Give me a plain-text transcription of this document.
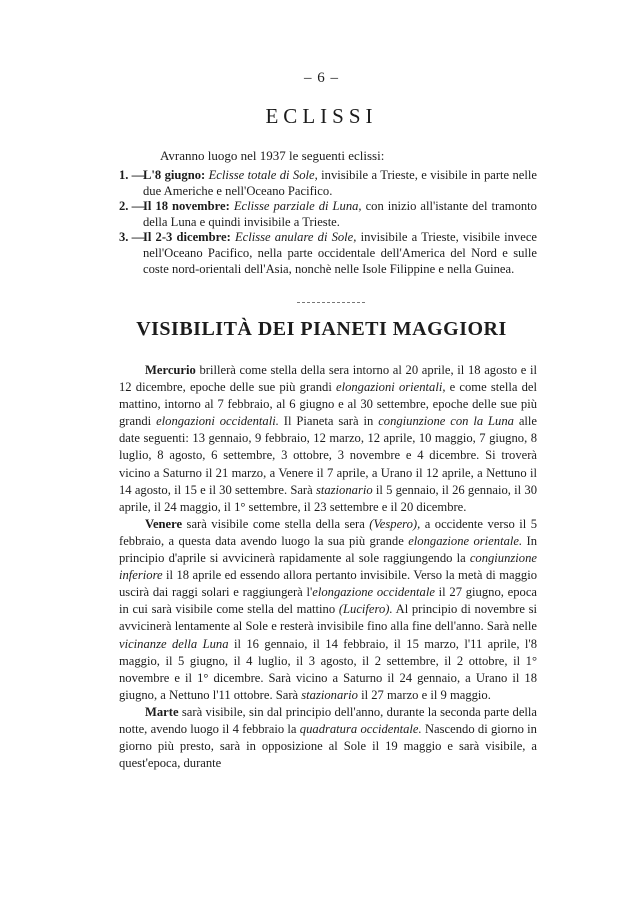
– 6 –
ECLISSI
Avranno luogo nel 1937 le seguenti eclissi:
1. —
L'8 giugno: Eclisse totale di Sole, invisibile a Trieste, e visibile in parte nelle due Americhe e nell'Oceano Pacifico.
2. —
Il 18 novembre: Eclisse parziale di Luna, con inizio all'istante del tramonto della Luna e quindi invisibile a Trieste.
3. —
Il 2-3 dicembre: Eclisse anulare di Sole, invisibile a Trieste, visibile invece nell'Oceano Pacifico, nella parte occidentale dell'America del Nord e sulle coste nord-orientali dell'Asia, nonchè nelle Isole Filippine e nella Guinea.
VISIBILITÀ DEI PIANETI MAGGIORI

Mercurio brillerà come stella della sera intorno al 20 aprile, il 18 agosto e il 12 dicembre, epoche delle sue più grandi elongazioni orientali, e come stella del mattino, intorno al 7 febbraio, al 6 giugno e al 30 settembre, epoche delle sue più grandi elongazioni occidentali. Il Pianeta sarà in congiunzione con la Luna alle date seguenti: 13 gennaio, 9 febbraio, 12 marzo, 12 aprile, 10 maggio, 7 giugno, 8 luglio, 8 agosto, 6 settembre, 3 ottobre, 3 novembre e 4 dicembre. Si troverà vicino a Saturno il 21 marzo, a Venere il 7 aprile, a Urano il 12 aprile, a Nettuno il 14 agosto, il 15 e il 30 settembre. Sarà stazionario il 5 gennaio, il 26 gennaio, il 30 aprile, il 24 maggio, il 1° settembre, il 23 settembre e il 20 dicembre.

Venere sarà visibile come stella della sera (Vespero), a occidente verso il 5 febbraio, a questa data avendo luogo la sua più grande elongazione orientale. In principio d'aprile si avvicinerà rapidamente al sole raggiungendo la congiunzione inferiore il 18 aprile ed essendo allora pertanto invisibile. Verso la metà di maggio uscirà dai raggi solari e raggiungerà l'elongazione occidentale il 27 giugno, epoca in cui sarà visibile come stella del mattino (Lucifero). Al principio di novembre si avvicinerà lentamente al Sole e resterà invisibile fino alla fine dell'anno. Sarà nelle vicinanze della Luna il 16 gennaio, il 14 febbraio, il 15 marzo, l'11 aprile, l'8 maggio, il 5 giugno, il 4 luglio, il 3 agosto, il 2 settembre, il 2 ottobre, il 1° novembre e il 1° dicembre. Sarà vicino a Saturno il 24 gennaio, a Urano il 18 giugno, a Nettuno l'11 ottobre. Sarà stazionario il 27 marzo e il 9 maggio.

Marte sarà visibile, sin dal principio dell'anno, durante la seconda parte della notte, avendo luogo il 4 febbraio la quadratura occidentale. Nascendo di giorno in giorno più presto, sarà in opposizione al Sole il 19 maggio e sarà visibile, a quest'epoca, durante
